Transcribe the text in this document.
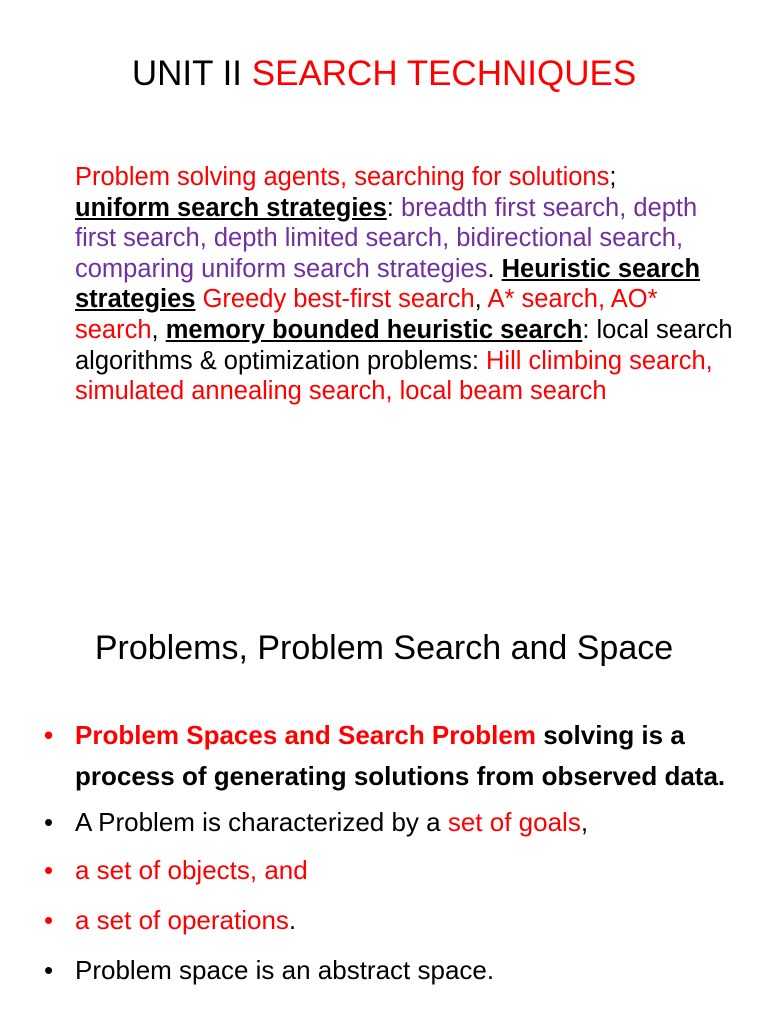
UNIT II SEARCH TECHNIQUES
Problem solving agents, searching for solutions;
uniform search strategies: breadth first search, depth first search, depth limited search, bidirectional search, comparing uniform search strategies. Heuristic search strategies Greedy best-first search, A* search, AO* search, memory bounded heuristic search: local search algorithms & optimization problems: Hill climbing search, simulated annealing search, local beam search
Problems, Problem Search and Space
• Problem Spaces and Search Problem solving is a process of generating solutions from observed data.
• A Problem is characterized by a set of goals,
• a set of objects, and
• a set of operations.
• Problem space is an abstract space.
